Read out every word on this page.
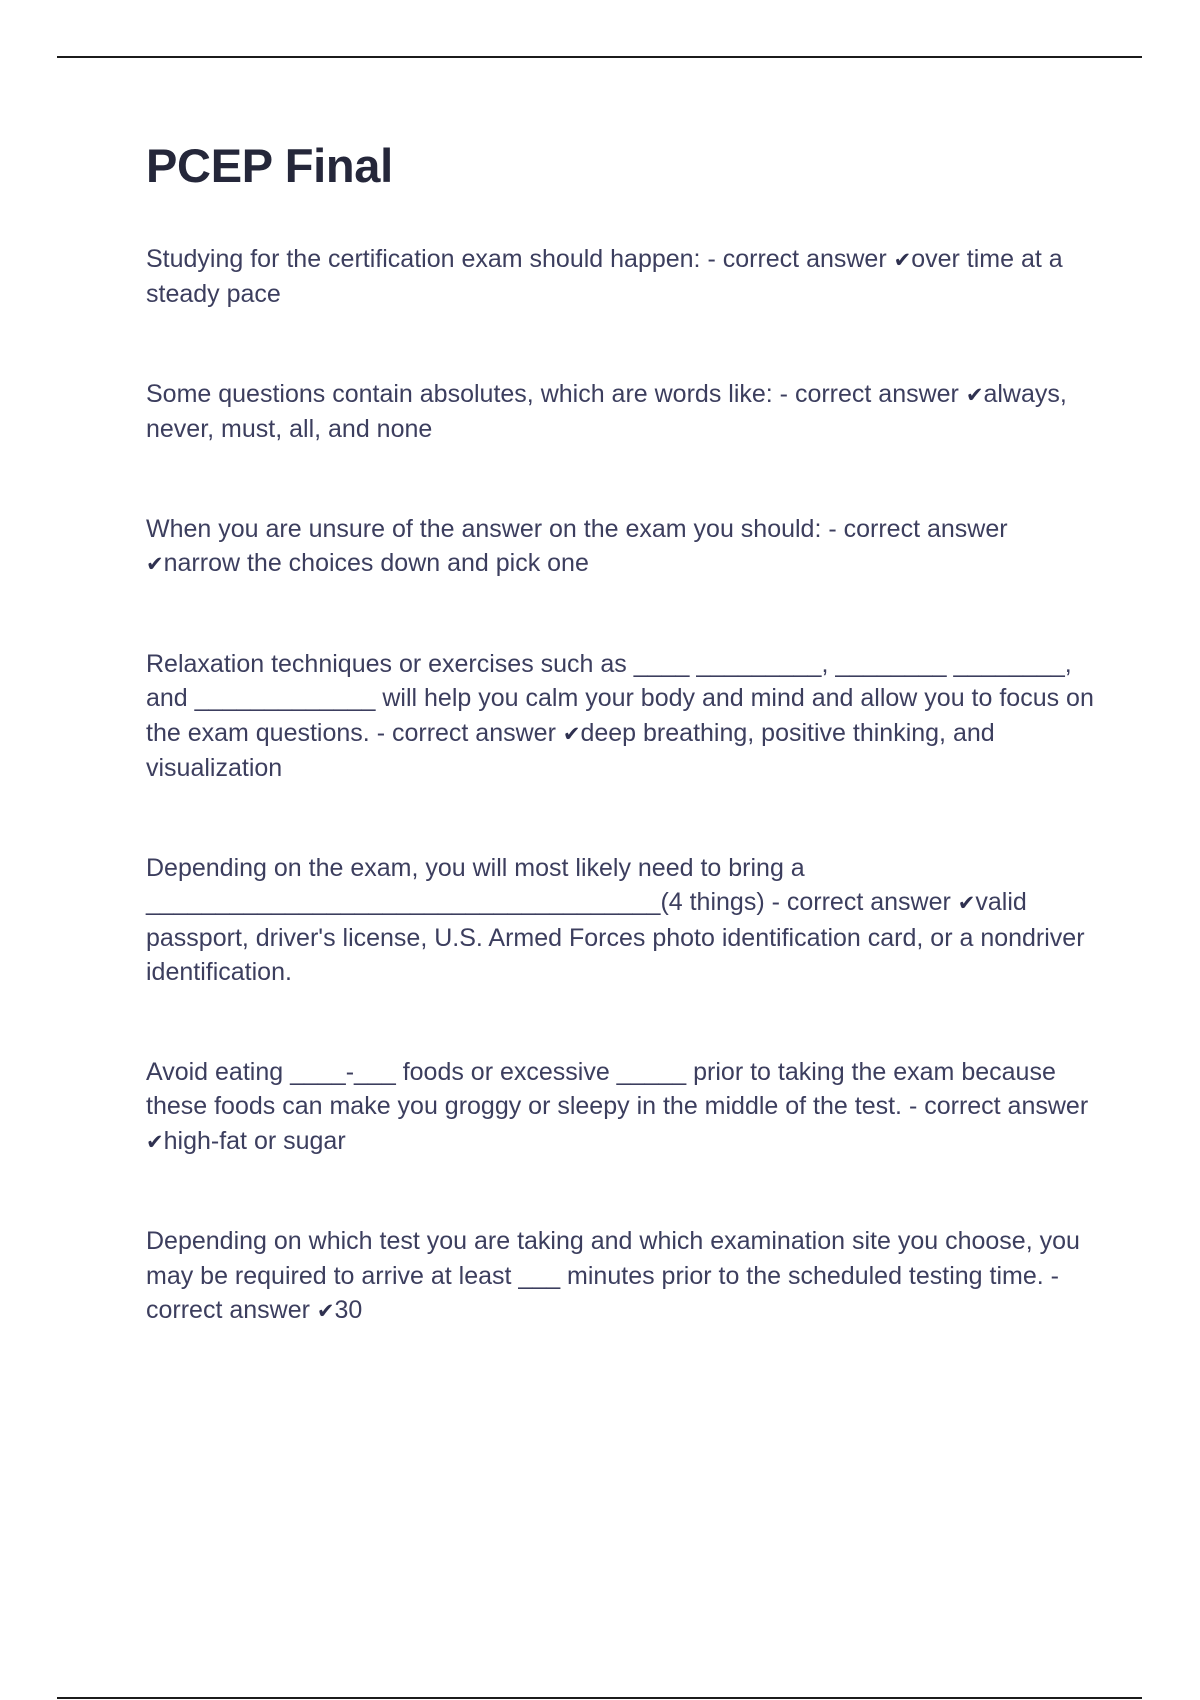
PCEP Final
Studying for the certification exam should happen: - correct answer ✔over time at a steady pace
Some questions contain absolutes, which are words like: - correct answer ✔always, never, must, all, and none
When you are unsure of the answer on the exam you should: - correct answer ✔narrow the choices down and pick one
Relaxation techniques or exercises such as ____ _________, ________ ________, and _____________ will help you calm your body and mind and allow you to focus on the exam questions. - correct answer ✔deep breathing, positive thinking, and visualization
Depending on the exam, you will most likely need to bring a _____________________________________(4 things) - correct answer ✔valid passport, driver's license, U.S. Armed Forces photo identification card, or a nondriver identification.
Avoid eating ____-___ foods or excessive _____ prior to taking the exam because these foods can make you groggy or sleepy in the middle of the test. - correct answer ✔high-fat or sugar
Depending on which test you are taking and which examination site you choose, you may be required to arrive at least ___ minutes prior to the scheduled testing time. - correct answer ✔30
